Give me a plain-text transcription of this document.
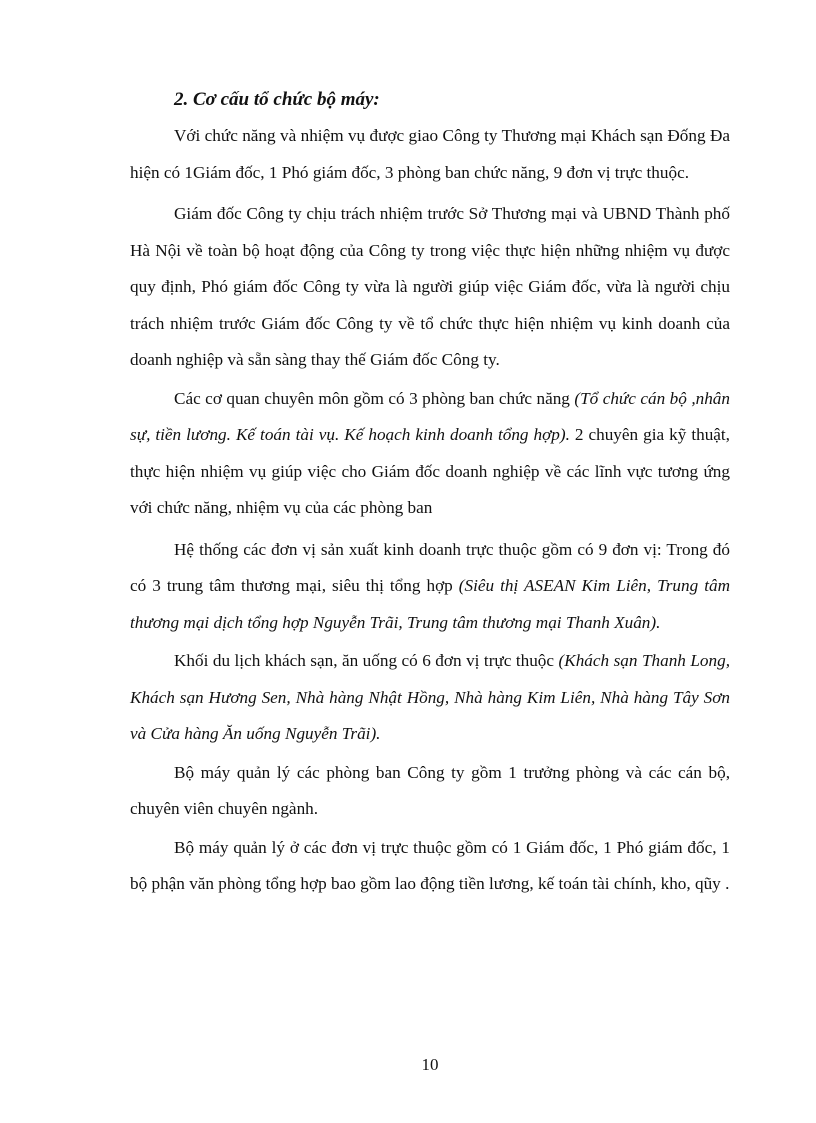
2. Cơ cấu tổ chức bộ máy:

Với chức năng và nhiệm vụ được giao Công ty Thương mại Khách sạn Đống Đa hiện có 1Giám đốc, 1 Phó giám đốc, 3 phòng ban chức năng, 9 đơn vị trực thuộc.

Giám đốc Công ty chịu trách nhiệm trước Sở Thương mại và UBND Thành phố Hà Nội về toàn bộ hoạt động của Công ty trong việc thực hiện những nhiệm vụ được quy định, Phó giám đốc Công ty vừa là người giúp việc Giám đốc, vừa là người chịu trách nhiệm trước Giám đốc Công ty về tổ chức thực hiện nhiệm vụ kinh doanh của doanh nghiệp và sẵn sàng thay thế Giám đốc Công ty.

Các cơ quan chuyên môn gồm có 3 phòng ban chức năng (Tổ chức cán bộ ,nhân sự, tiền lương. Kế toán tài vụ. Kế hoạch kinh doanh tổng hợp). 2 chuyên gia kỹ thuật, thực hiện nhiệm vụ giúp việc cho Giám đốc doanh nghiệp về các lĩnh vực tương ứng với chức năng, nhiệm vụ của các phòng ban

Hệ thống các đơn vị sản xuất kinh doanh trực thuộc gồm có 9 đơn vị: Trong đó có 3 trung tâm thương mại, siêu thị tổng hợp (Siêu thị ASEAN Kim Liên, Trung tâm thương mại dịch tổng hợp Nguyễn Trãi, Trung tâm thương mại Thanh Xuân).

Khối du lịch khách sạn, ăn uống có 6 đơn vị trực thuộc (Khách sạn Thanh Long, Khách sạn Hương Sen, Nhà hàng Nhật Hồng, Nhà hàng Kim Liên, Nhà hàng Tây Sơn và Cửa hàng Ăn uống Nguyễn Trãi).

Bộ máy quản lý các phòng ban Công ty gồm 1 trưởng phòng và các cán bộ, chuyên viên chuyên ngành.

Bộ máy quản lý ở các đơn vị trực thuộc gồm có 1 Giám đốc, 1 Phó giám đốc, 1 bộ phận văn phòng tổng hợp bao gồm lao động tiền lương, kế toán tài chính, kho, qũy .

10
